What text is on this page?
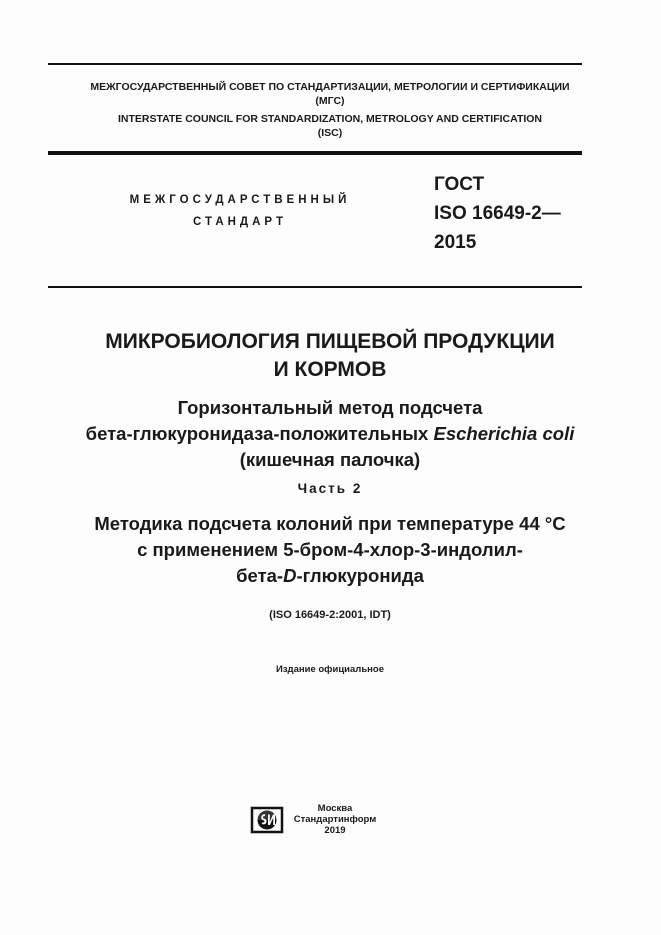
МЕЖГОСУДАРСТВЕННЫЙ СОВЕТ ПО СТАНДАРТИЗАЦИИ, МЕТРОЛОГИИ И СЕРТИФИКАЦИИ
(МГС)
INTERSTATE COUNCIL FOR STANDARDIZATION, METROLOGY AND CERTIFICATION
(ISC)
МЕЖГОСУДАРСТВЕННЫЙ
СТАНДАРТ
ГОСТ
ISO 16649-2—
2015
МИКРОБИОЛОГИЯ ПИЩЕВОЙ ПРОДУКЦИИ
И КОРМОВ
Горизонтальный метод подсчета
бета-глюкуронидаза-положительных Escherichia coli
(кишечная палочка)
Часть 2
Методика подсчета колоний при температуре 44 °С
с применением 5-бром-4-хлор-3-индолил-
бета-D-глюкуронида
(ISO 16649-2:2001, IDT)
Издание официальное
Москва
Стандартинформ
2019
